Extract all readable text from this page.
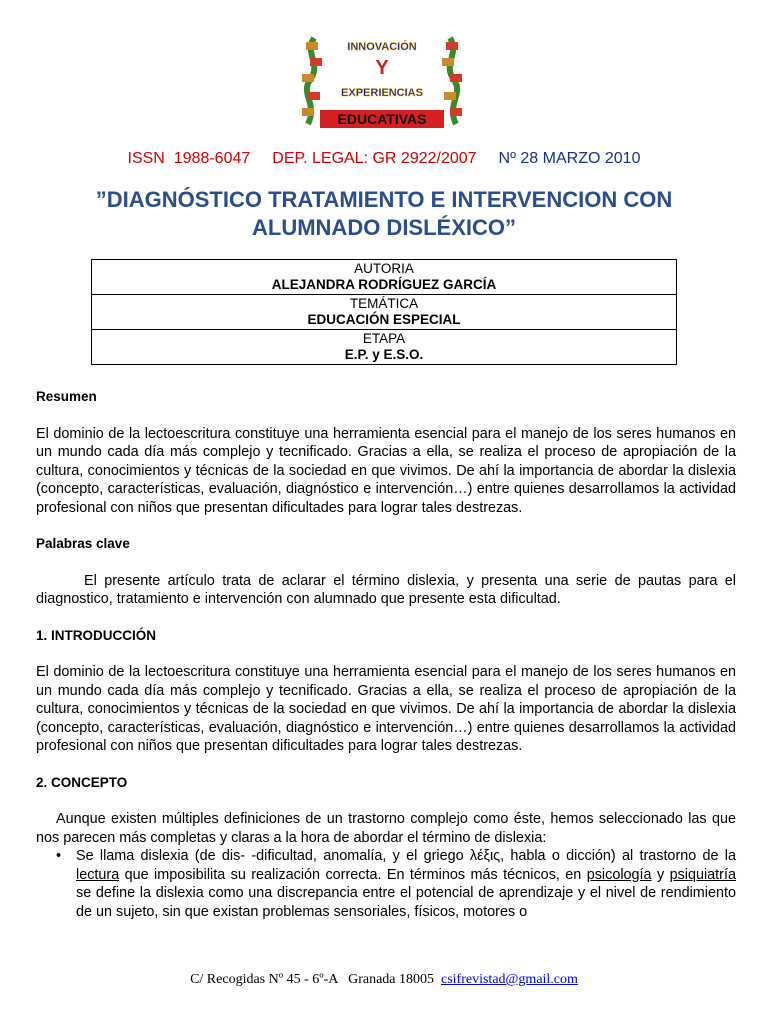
INNOVACIÓN
Y
EXPERIENCIAS
EDUCATIVAS
ISSN  1988-6047 DEP. LEGAL: GR 2922/2007 Nº 28 MARZO 2010
”DIAGNÓSTICO TRATAMIENTO E INTERVENCION CON ALUMNADO DISLÉXICO”
AUTORIA
ALEJANDRA RODRÍGUEZ GARCÍA

TEMÁTICA
EDUCACIÓN ESPECIAL

ETAPA
E.P. y E.S.O.

Resumen

El dominio de la lectoescritura constituye una herramienta esencial para el manejo de los seres humanos en un mundo cada día más complejo y tecnificado. Gracias a ella, se realiza el proceso de apropiación de la cultura, conocimientos y técnicas de la sociedad en que vivimos. De ahí la importancia de abordar la dislexia (concepto, características, evaluación, diagnóstico e intervención…) entre quienes desarrollamos la actividad profesional con niños que presentan dificultades para lograr tales destrezas.

Palabras clave

El presente artículo trata de aclarar el término dislexia, y presenta una serie de pautas para el diagnostico, tratamiento e intervención con alumnado que presente esta dificultad.

1. INTRODUCCIÓN

El dominio de la lectoescritura constituye una herramienta esencial para el manejo de los seres humanos en un mundo cada día más complejo y tecnificado. Gracias a ella, se realiza el proceso de apropiación de la cultura, conocimientos y técnicas de la sociedad en que vivimos. De ahí la importancia de abordar la dislexia (concepto, características, evaluación, diagnóstico e intervención…) entre quienes desarrollamos la actividad profesional con niños que presentan dificultades para lograr tales destrezas.

2. CONCEPTO

Aunque existen múltiples definiciones de un trastorno complejo como éste, hemos seleccionado las que nos parecen más completas y claras a la hora de abordar el término de dislexia:

• Se llama dislexia (de dis- -dificultad, anomalía, y el griego λέξις, habla o dicción) al trastorno de la lectura que imposibilita su realización correcta. En términos más técnicos, en psicología y psiquiatría se define la dislexia como una discrepancia entre el potencial de aprendizaje y el nivel de rendimiento de un sujeto, sin que existan problemas sensoriales, físicos, motores o
C/ Recogidas Nº 45 - 6º-A   Granada 18005  csifrevistad@gmail.com
